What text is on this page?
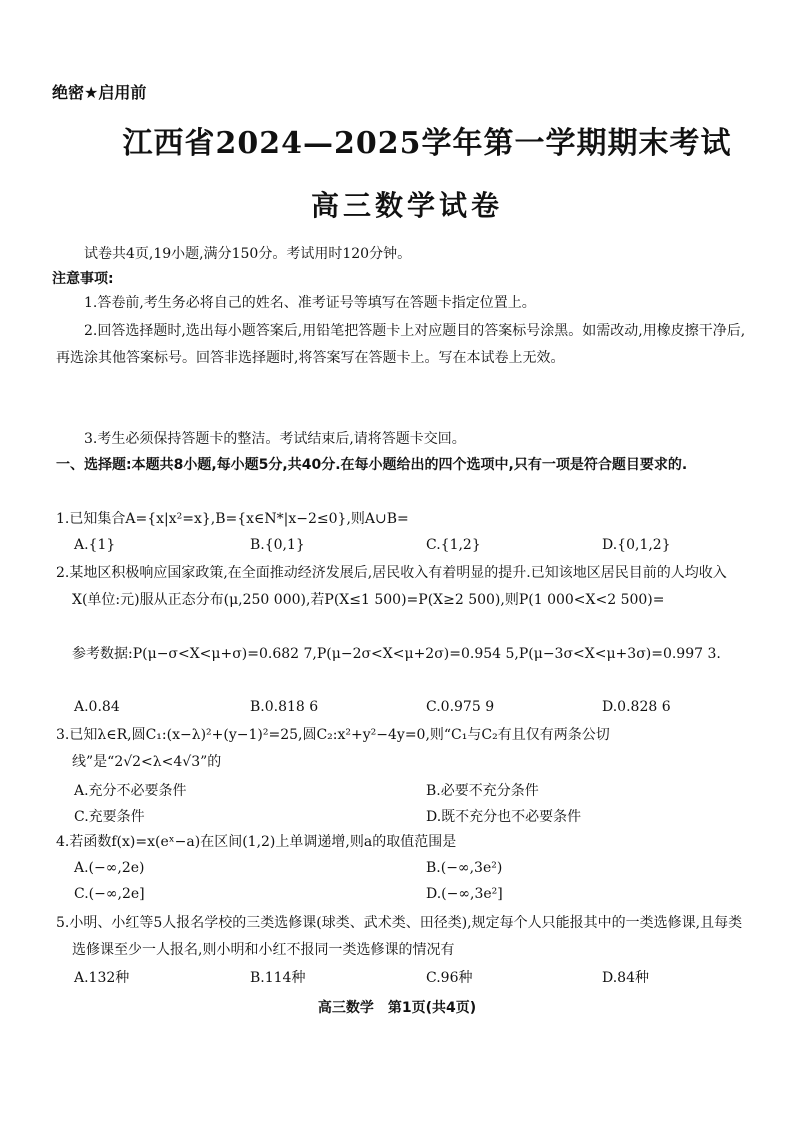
绝密★启用前
江西省2024—2025学年第一学期期末考试
高三数学试卷
试卷共4页,19小题,满分150分。考试用时120分钟。
注意事项:
1.答卷前,考生务必将自己的姓名、准考证号等填写在答题卡指定位置上。
2.回答选择题时,选出每小题答案后,用铅笔把答题卡上对应题目的答案标号涂黑。如需改动,用橡皮擦干净后,再选涂其他答案标号。回答非选择题时,将答案写在答题卡上。写在本试卷上无效。
3.考生必须保持答题卡的整洁。考试结束后,请将答题卡交回。
一、选择题:本题共8小题,每小题5分,共40分.在每小题给出的四个选项中,只有一项是符合题目要求的.
1.已知集合A={x|x²=x},B={x∈N*|x−2≤0},则A∪B=
A.{1}	B.{0,1}	C.{1,2}	D.{0,1,2}
2.某地区积极响应国家政策,在全面推动经济发展后,居民收入有着明显的提升.已知该地区居民目前的人均收入X(单位:元)服从正态分布(μ,250 000),若P(X≤1 500)=P(X≥2 500),则P(1 000<X<2 500)=
参考数据:P(μ−σ<X<μ+σ)=0.682 7,P(μ−2σ<X<μ+2σ)=0.954 5,P(μ−3σ<X<μ+3σ)=0.997 3.
A.0.84	B.0.818 6	C.0.975 9	D.0.828 6
3.已知λ∈R,圆C₁:(x−λ)²+(y−1)²=25,圆C₂:x²+y²−4y=0,则“C₁与C₂有且仅有两条公切线”是“2√2<λ<4√3”的
A.充分不必要条件	B.必要不充分条件
C.充要条件	D.既不充分也不必要条件
4.若函数f(x)=x(eˣ−a)在区间(1,2)上单调递增,则a的取值范围是
A.(−∞,2e)	B.(−∞,3e²)
C.(−∞,2e]	D.(−∞,3e²]
5.小明、小红等5人报名学校的三类选修课(球类、武术类、田径类),规定每个人只能报其中的一类选修课,且每类选修课至少一人报名,则小明和小红不报同一类选修课的情况有
A.132种	B.114种	C.96种	D.84种
高三数学　第1页(共4页)
